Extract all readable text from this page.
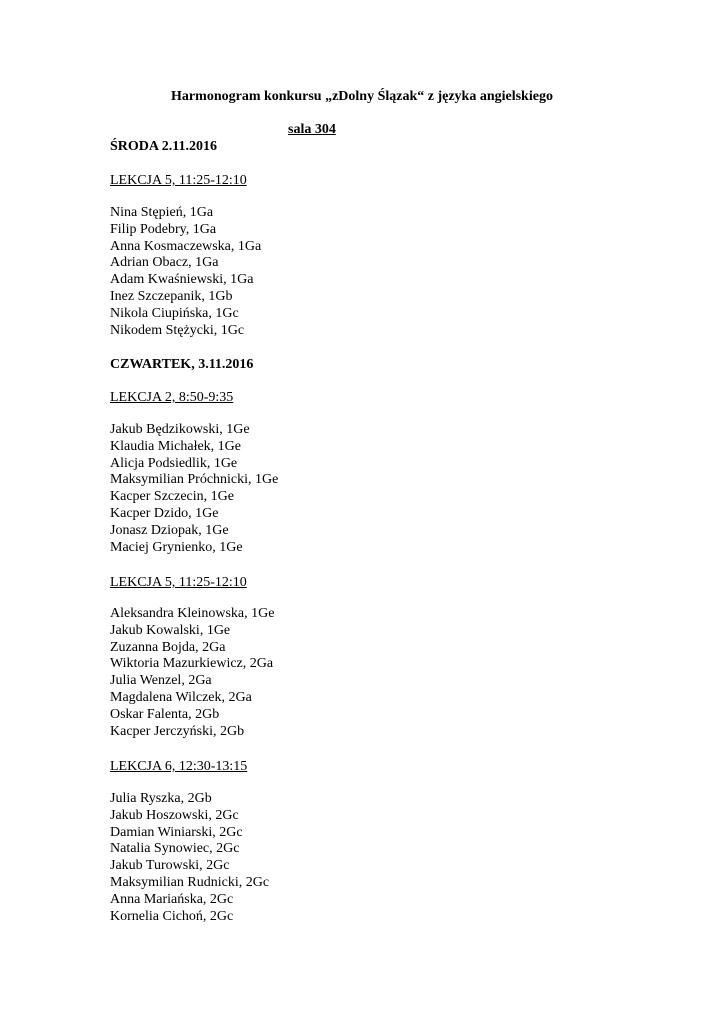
Harmonogram konkursu „zDolny Ślązak“ z języka angielskiego
sala 304
ŚRODA 2.11.2016
LEKCJA 5, 11:25-12:10
Nina Stępień, 1Ga
Filip Podebry, 1Ga
Anna Kosmaczewska, 1Ga
Adrian Obacz, 1Ga
Adam Kwaśniewski, 1Ga
Inez Szczepanik, 1Gb
Nikola Ciupińska, 1Gc
Nikodem Stężycki, 1Gc
CZWARTEK, 3.11.2016
LEKCJA 2, 8:50-9:35
Jakub Będzikowski, 1Ge
Klaudia Michałek, 1Ge
Alicja Podsiedlik, 1Ge
Maksymilian Próchnicki, 1Ge
Kacper Szczecin, 1Ge
Kacper Dzido, 1Ge
Jonasz Dziopak, 1Ge
Maciej Grynienko, 1Ge
LEKCJA 5, 11:25-12:10
Aleksandra Kleinowska, 1Ge
Jakub Kowalski, 1Ge
Zuzanna Bojda, 2Ga
Wiktoria Mazurkiewicz, 2Ga
Julia Wenzel, 2Ga
Magdalena Wilczek, 2Ga
Oskar Falenta, 2Gb
Kacper Jerczyński, 2Gb
LEKCJA 6, 12:30-13:15
Julia Ryszka, 2Gb
Jakub Hoszowski, 2Gc
Damian Winiarski, 2Gc
Natalia Synowiec, 2Gc
Jakub Turowski, 2Gc
Maksymilian Rudnicki, 2Gc
Anna Mariańska, 2Gc
Kornelia Cichoń, 2Gc
